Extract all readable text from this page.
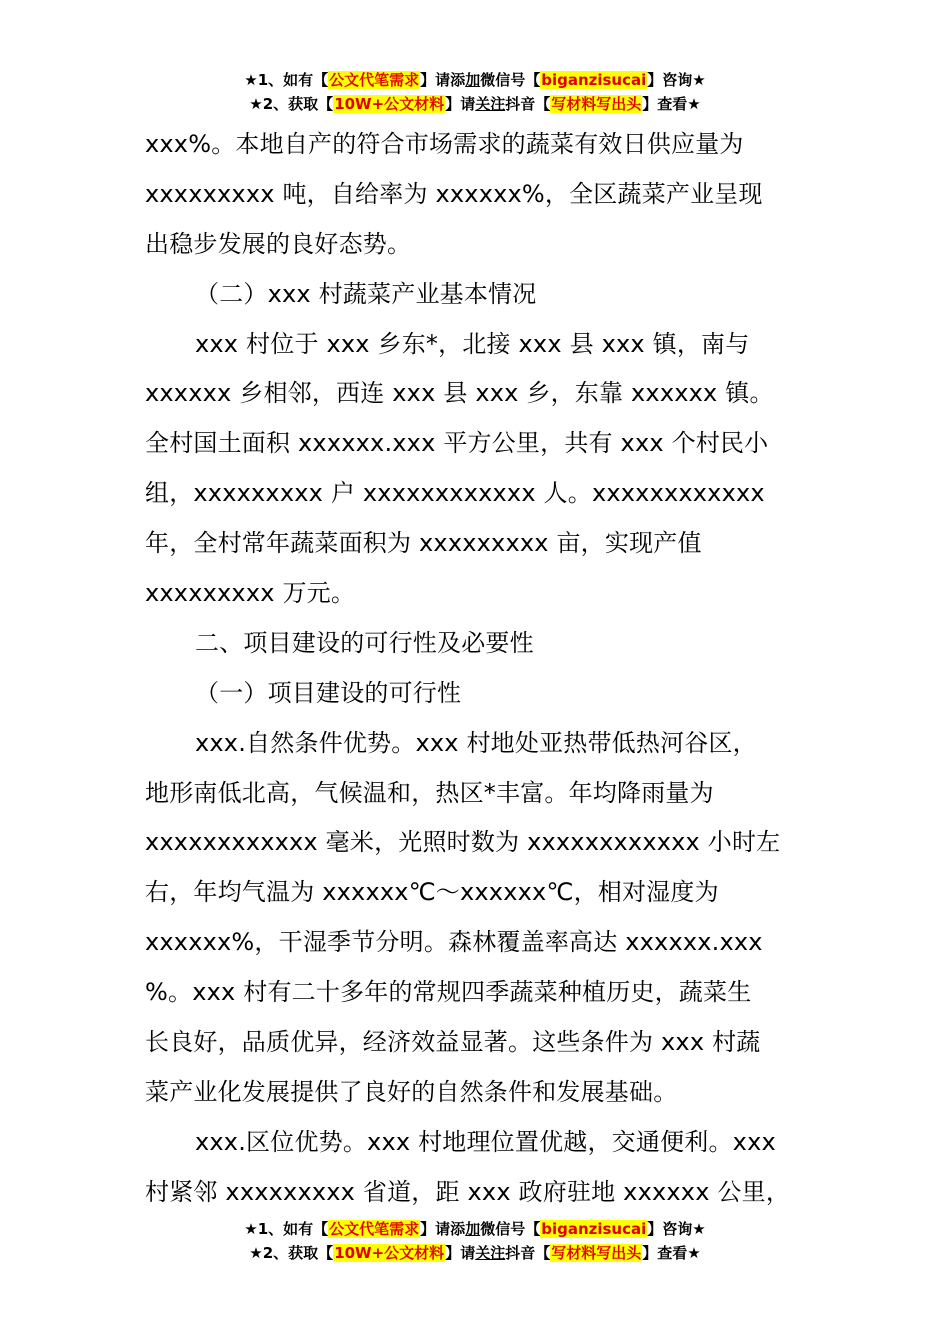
★1、如有【公文代笔需求】请添加微信号【biganzisucai】咨询★
★2、获取【10W+公文材料】请关注抖音【写材料写出头】查看★
xxx%。本地自产的符合市场需求的蔬菜有效日供应量为
xxxxxxxxx 吨，自给率为 xxxxxx%，全区蔬菜产业呈现
出稳步发展的良好态势。
（二）xxx 村蔬菜产业基本情况
xxx 村位于 xxx 乡东*，北接 xxx 县 xxx 镇，南与
xxxxxx 乡相邻，西连 xxx 县 xxx 乡，东靠 xxxxxx 镇。
全村国土面积 xxxxxx.xxx 平方公里，共有 xxx 个村民小
组，xxxxxxxxx 户 xxxxxxxxxxxx 人。xxxxxxxxxxxx
年，全村常年蔬菜面积为 xxxxxxxxx 亩，实现产值
xxxxxxxxx 万元。
二、项目建设的可行性及必要性
（一）项目建设的可行性
xxx.自然条件优势。xxx 村地处亚热带低热河谷区，
地形南低北高，气候温和，热区*丰富。年均降雨量为
xxxxxxxxxxxx 毫米，光照时数为 xxxxxxxxxxxx 小时左
右，年均气温为 xxxxxx℃～xxxxxx℃，相对湿度为
xxxxxx%，干湿季节分明。森林覆盖率高达 xxxxxx.xxx
%。xxx 村有二十多年的常规四季蔬菜种植历史，蔬菜生
长良好，品质优异，经济效益显著。这些条件为 xxx 村蔬
菜产业化发展提供了良好的自然条件和发展基础。
xxx.区位优势。xxx 村地理位置优越，交通便利。xxx
村紧邻 xxxxxxxxx 省道，距 xxx 政府驻地 xxxxxx 公里，
★1、如有【公文代笔需求】请添加微信号【biganzisucai】咨询★
★2、获取【10W+公文材料】请关注抖音【写材料写出头】查看★
